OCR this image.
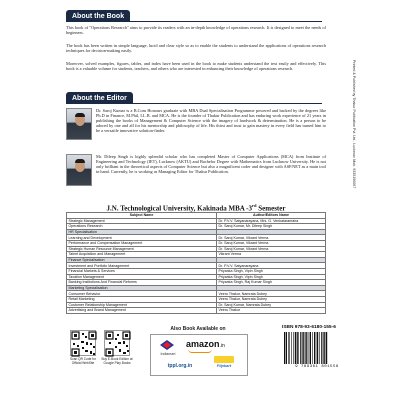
About the Book

This book of "Operations Research" aims to provide its readers with an in-depth knowledge of operations research. It is designed to meet the needs of beginners.

The book has been written in simple language, lucid and clear style so as to enable the students to understand the applications of operations research techniques for decision-making easily.

Moreover, solved examples, figures, tables, and index have been used in the book to make students understand the text easily and effectively. This book is a valuable volume for students, teachers, and others who are interested in enhancing their knowledge of operations research.

About the Editor

Dr. Saroj Kumar is a B.Com Honours graduate with MBA Dual Specialisation Programme powered and backed by the degrees like Ph.D in Finance, M.Phil, LL.B. and MCA. He is the founder of Thakur Publication and has enduring work experience of 21 years in publishing the books of Management & Computer Science with the imagery of hardwork & determination. He is a person to be adored by one and all for his mentorship and philosophy of life. His thirst and trust to gain mastery in every field has turned him to be a versatile innovative solution-finder.

Mr. Dileep Singh is highly splendid scholar who has completed Master of Computer Applications (MCA) from Institute of Engineering and Technology (IET), Lucknow (AKTU) and Bachelor Degree with Mathematics from Lucknow University. He is not only brilliant in the theoretical aspects of Computer Science but also a magnificent coder and designer with ASP.NET as a main tool in hand. Currently, he is working as Managing Editor for Thakur Publication.

J.N. Technological University, Kakinada MBA -3rd Semester
Subject Name	Author/Editors Name
Strategic Management	Dr. P.V.V. Satyanarayana, Mrs. G. Venkataramana
Operations Research	Dr. Saroj Kumar, Mr. Dileep Singh
HR Specialisation	
Learning and Development	Dr. Saroj Kumar, Vikrant Verma
Performance and Compensation Management	Dr. Saroj Kumar, Vikrant Verma
Strategic Human Resource Management	Dr. Saroj Kumar, Vikrant Verma
Talent Acquisition and Management	Vikrant Verma
Finance Specialisation	
Investment and Portfolio Management	Dr. P.V.V. Satyanarayana
Financial Markets & Services	Priyanka Singh, Vipin Singh
Taxation Management	Priyanka Singh, Vipin Singh
Banking Institutions And Financial Reforms	Priyanka Singh, Raj Kumar Singh
Marketing Specialisation	
Consumer Behavior	Veeru Thakur, Namrata Dubey
Retail Marketing	Veeru Thakur, Namrata Dubey
Customer Relationship Management	Dr. Saroj Kumar, Namrata Dubey
Advertising and Brand Management	Veeru Thakur
Printed & Published by Thakur Publication Pvt. Ltd., Lucknow. Mob. 9335190067
Scan QR Code for Official WebSite
Buy E-Book Edition at Google Play Books
Also Book Available on
Indiamart
amazon.in
tppl.org.in	Flipkart
ISBN 978-93-6180-155-6
9 789361 801556
